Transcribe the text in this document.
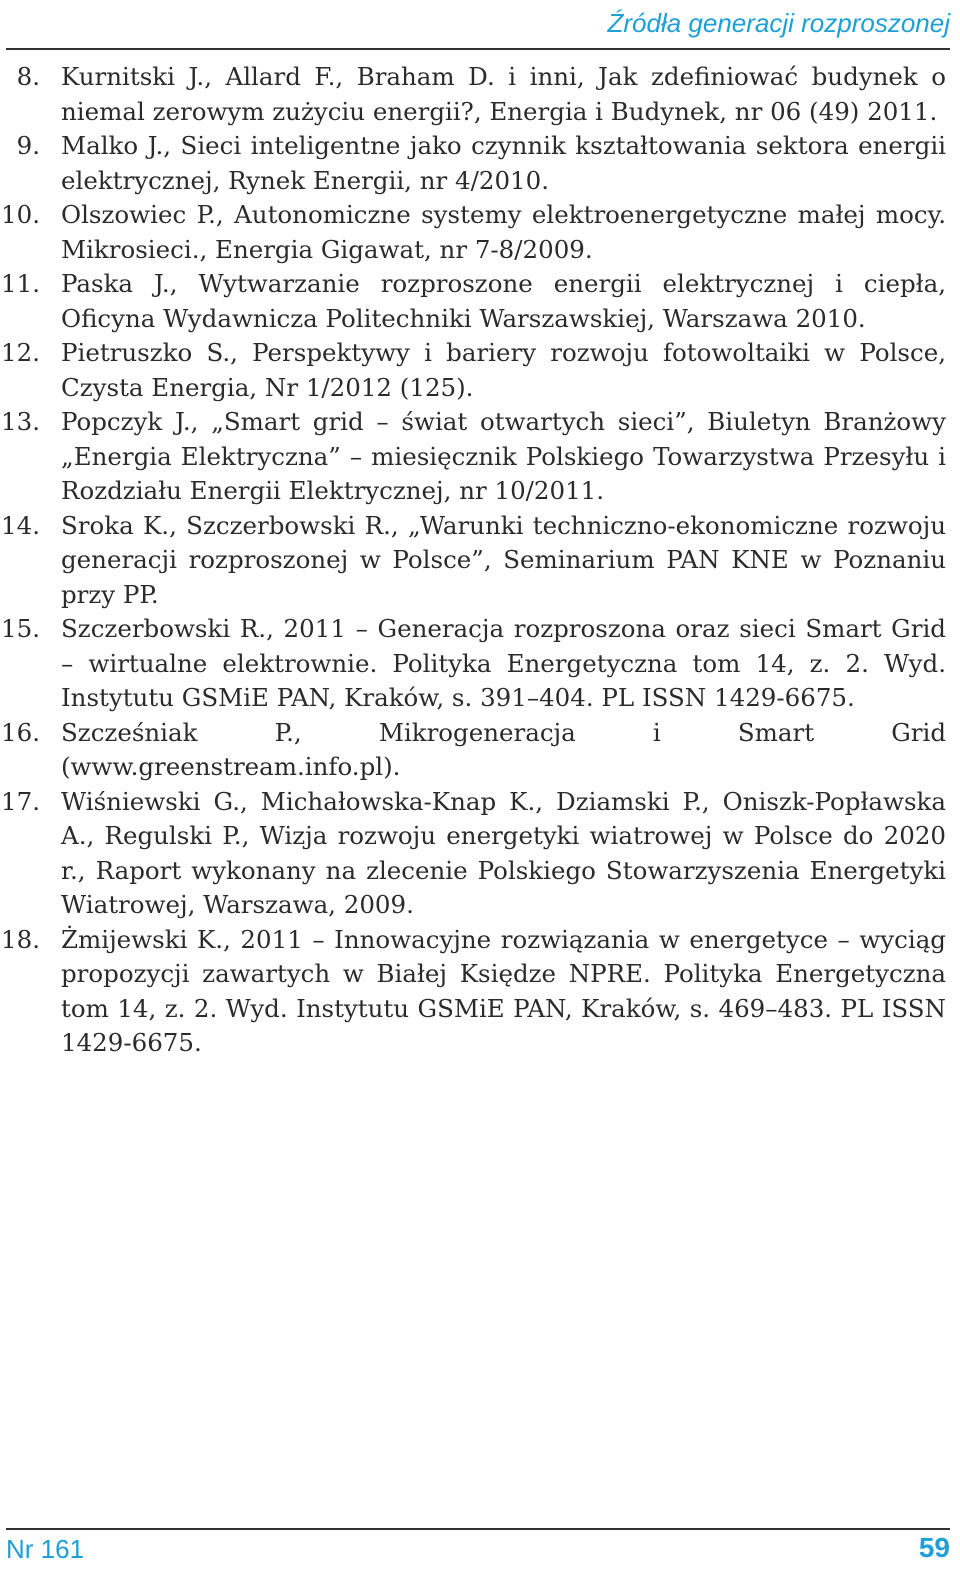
Źródła generacji rozproszonej
8. Kurnitski J., Allard F., Braham D. i inni, Jak zdefiniować budynek o niemal zerowym zużyciu energii?, Energia i Budynek, nr 06 (49) 2011.
9. Malko J., Sieci inteligentne jako czynnik kształtowania sektora energii elektrycznej, Rynek Energii, nr 4/2010.
10. Olszowiec P., Autonomiczne systemy elektroenergetyczne małej mocy. Mikrosieci., Energia Gigawat, nr 7-8/2009.
11. Paska J., Wytwarzanie rozproszone energii elektrycznej i ciepła, Oficyna Wydawnicza Politechniki Warszawskiej, Warszawa 2010.
12. Pietruszko S., Perspektywy i bariery rozwoju fotowoltaiki w Polsce, Czysta Energia, Nr 1/2012 (125).
13. Popczyk J., „Smart grid – świat otwartych sieci”, Biuletyn Branżowy „Energia Elektryczna” – miesięcznik Polskiego Towarzystwa Przesyłu i Rozdziału Energii Elektrycznej, nr 10/2011.
14. Sroka K., Szczerbowski R., „Warunki techniczno-ekonomiczne rozwoju generacji rozproszonej w Polsce”, Seminarium PAN KNE w Poznaniu przy PP.
15. Szczerbowski R., 2011 – Generacja rozproszona oraz sieci Smart Grid – wirtualne elektrownie. Polityka Energetyczna tom 14, z. 2. Wyd. Instytutu GSMiE PAN, Kraków, s. 391–404. PL ISSN 1429-6675.
16. Szcześniak P., Mikrogeneracja i Smart Grid (www.greenstream.info.pl).
17. Wiśniewski G., Michałowska-Knap K., Dziamski P., Oniszk-Popławska A., Regulski P., Wizja rozwoju energetyki wiatrowej w Polsce do 2020 r., Raport wykonany na zlecenie Polskiego Stowarzyszenia Energetyki Wiatrowej, Warszawa, 2009.
18. Żmijewski K., 2011 – Innowacyjne rozwiązania w energetyce – wyciąg propozycji zawartych w Białej Księdze NPRE. Polityka Energetyczna tom 14, z. 2. Wyd. Instytutu GSMiE PAN, Kraków, s. 469–483. PL ISSN 1429-6675.
Nr 161	59
